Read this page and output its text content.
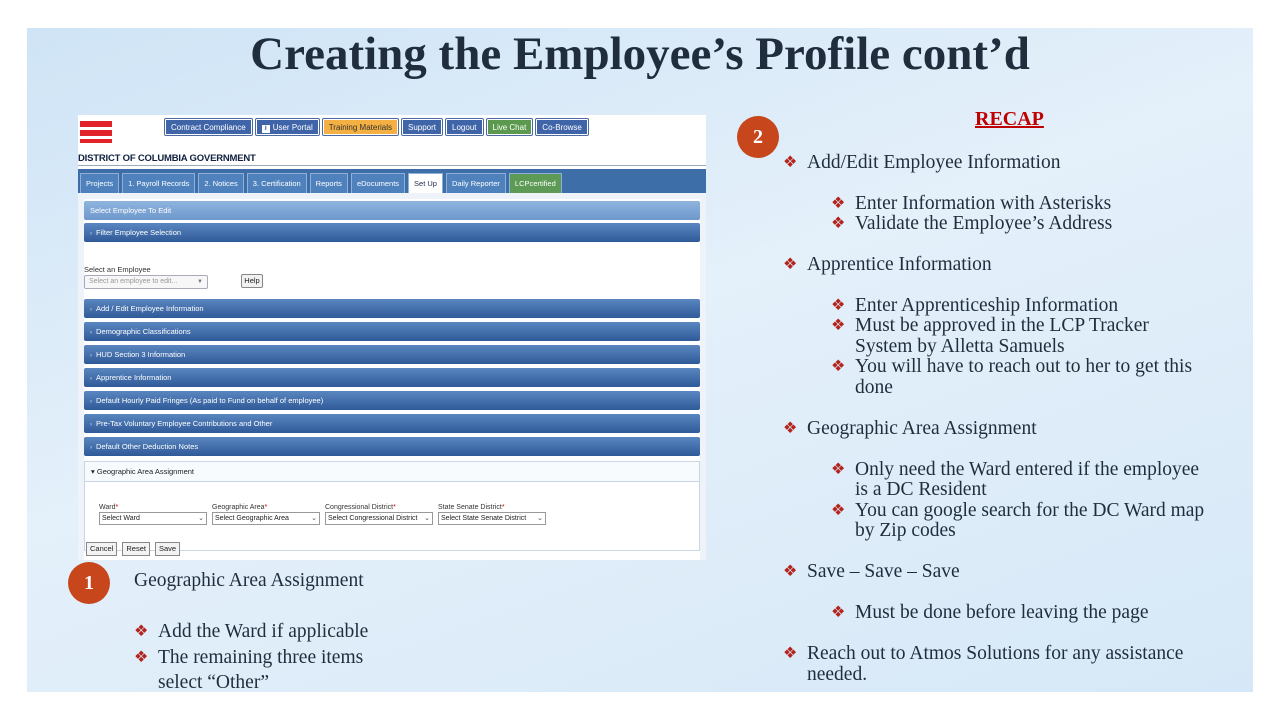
Creating the Employee’s Profile cont’d
Contract Compliance	i User Portal	Training Materials	Support	Logout	Live Chat	Co-Browse
DISTRICT OF COLUMBIA GOVERNMENT
Projects	1. Payroll Records	2. Notices	3. Certification	Reports	eDocuments	Set Up	Daily Reporter	LCPcertified
Select Employee To Edit
› Filter Employee Selection
Select an Employee
Select an employee to edit...	▼	Help
› Add / Edit Employee Information
› Demographic Classifications
› HUD Section 3 Information
› Apprentice Information
› Default Hourly Paid Fringes (As paid to Fund on behalf of employee)
› Pre-Tax Voluntary Employee Contributions and Other
› Default Other Deduction Notes
▾ Geographic Area Assignment
Ward*
Select Ward	⌄
Geographic Area*
Select Geographic Area	⌄
Congressional District*
Select Congressional District ⌄
State Senate District*
Select State Senate District ⌄
Cancel	Reset	Save
1	Geographic Area Assignment
❖ Add the Ward if applicable
❖ The remaining three items
select “Other”
2
RECAP
❖ Add/Edit Employee Information
❖ Enter Information with Asterisks
❖ Validate the Employee’s Address
❖ Apprentice Information
❖ Enter Apprenticeship Information
❖ Must be approved in the LCP Tracker
System by Alletta Samuels
❖ You will have to reach out to her to get this
done
❖ Geographic Area Assignment
❖ Only need the Ward entered if the employee
is a DC Resident
❖ You can google search for the DC Ward map
by Zip codes
❖ Save – Save – Save
❖ Must be done before leaving the page
❖ Reach out to Atmos Solutions for any assistance
needed.
